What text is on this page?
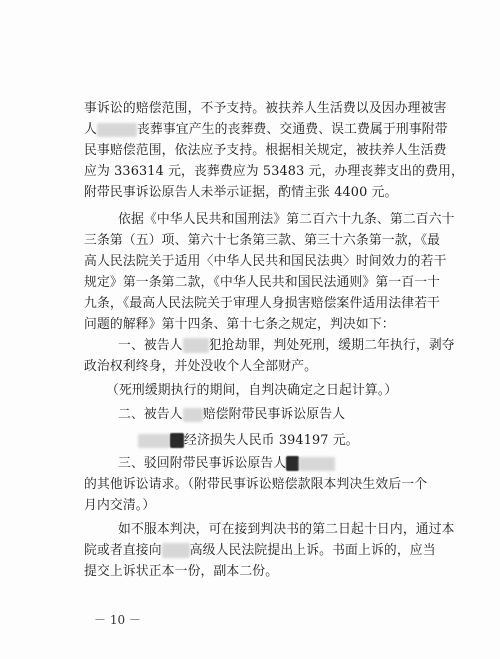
事诉讼的赔偿范围，不予支持。被扶养人生活费以及因办理被害
人	丧葬事宜产生的丧葬费、交通费、误工费属于刑事附带
民事赔偿范围，依法应予支持。根据相关规定，被扶养人生活费
应为 336314 元，丧葬费应为 53483 元，办理丧葬支出的费用，
附带民事诉讼原告人未举示证据，酌情主张 4400 元。
依据《中华人民共和国刑法》第二百六十九条、第二百六十
三条第（五）项、第六十七条第三款、第三十六条第一款，《最
高人民法院关于适用〈中华人民共和国民法典〉时间效力的若干
规定》第一条第二款，《中华人民共和国民法通则》第一百一十
九条，《最高人民法院关于审理人身损害赔偿案件适用法律若干
问题的解释》第十四条、第十七条之规定，判决如下：
一、被告人 犯抢劫罪，判处死刑，缓期二年执行，剥夺
政治权利终身，并处没收个人全部财产。
（死刑缓期执行的期间，自判决确定之日起计算。）
二、被告人 赔偿附带民事诉讼原告人
经济损失人民币 394197 元。
三、驳回附带民事诉讼原告人
的其他诉讼请求。（附带民事诉讼赔偿款限本判决生效后一个
月内交清。）
如不服本判决，可在接到判决书的第二日起十日内，通过本
院或者直接向 高级人民法院提出上诉。书面上诉的，应当
提交上诉状正本一份，副本二份。
－ 10 －
